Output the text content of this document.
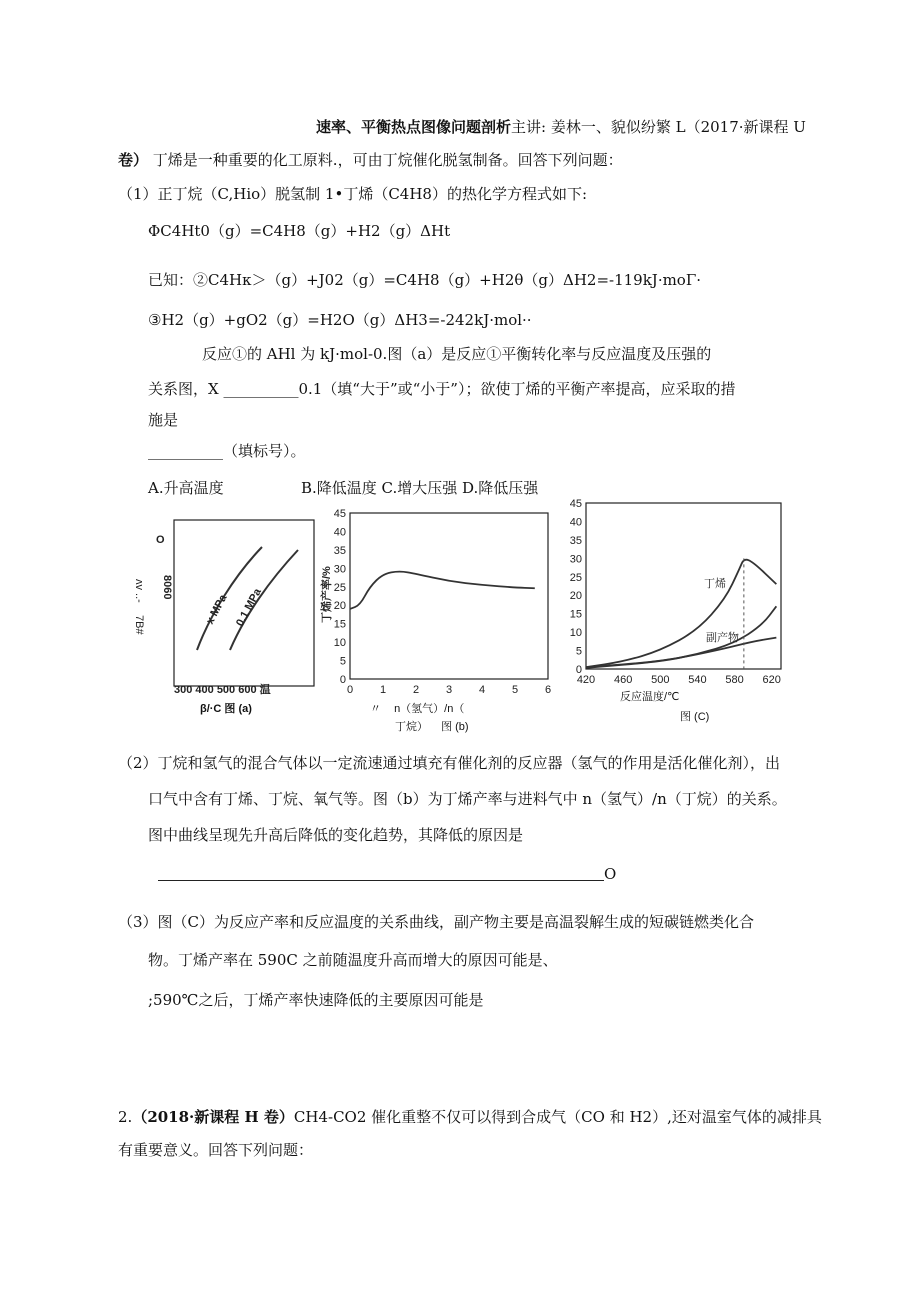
速率、平衡热点图像问题剖析主讲: 姜林一、貌似纷繁 L（2017·新课程 U
卷） 丁烯是一种重要的化工原料.，可由丁烷催化脱氢制备。回答下列问题：
（1）正丁烷（C,Hio）脱氢制 1•丁烯（C4H8）的热化学方程式如下:
ΦC4Ht0（g）=C4H8（g）+H2（g）ΔHt
已知：②C4Hκ＞（g）+J02（g）=C4H8（g）+H2θ（g）ΔH2=-119kJ·moΓ·
③H2（g）+gO2（g）=H2O（g）ΔH3=-242kJ·mol··
反应①的 AHl 为 kJ·mol-0.图（a）是反应①平衡转化率与反应温度及压强的
关系图，X __________0.1（填“大于”或“小于”）；欲使丁烯的平衡产率提高，应采取的措
施是
__________（填标号）。
A.升高温度	B.降低温度 C.增大压强 D.降低压强
O
8060
ʌv ..-
7B#	x MPa 0.1 MPa
300 400 500 600 温
β/·C 图 (a)
丁烯产率/%
45
40
35
30
25
20
15
10
5
0
0 1 2 3 4 5 6
〃 n（氢气）/n（
丁烷） 图 (b)
丁烯
副产物
45
40
35
30
25
20
15
10
5
0
420 460 500 540 580 620
反应温度/℃
图 (C)
（2）丁烷和氢气的混合气体以一定流速通过填充有催化剂的反应器（氢气的作用是活化催化剂），出
口气中含有丁烯、丁烷、氧气等。图（b）为丁烯产率与进料气中 n（氢气）/n（丁烷）的关系。
图中曲线呈现先升高后降低的变化趋势，其降低的原因是
O
（3）图（C）为反应产率和反应温度的关系曲线，副产物主要是高温裂解生成的短碳链燃类化合
物。丁烯产率在 590C 之前随温度升高而增大的原因可能是、
;590℃之后，丁烯产率快速降低的主要原因可能是
2.（2018·新课程 H 卷）CH4-CO2 催化重整不仅可以得到合成气（CO 和 H2）,还对温室气体的减排具
有重要意义。回答下列问题：
